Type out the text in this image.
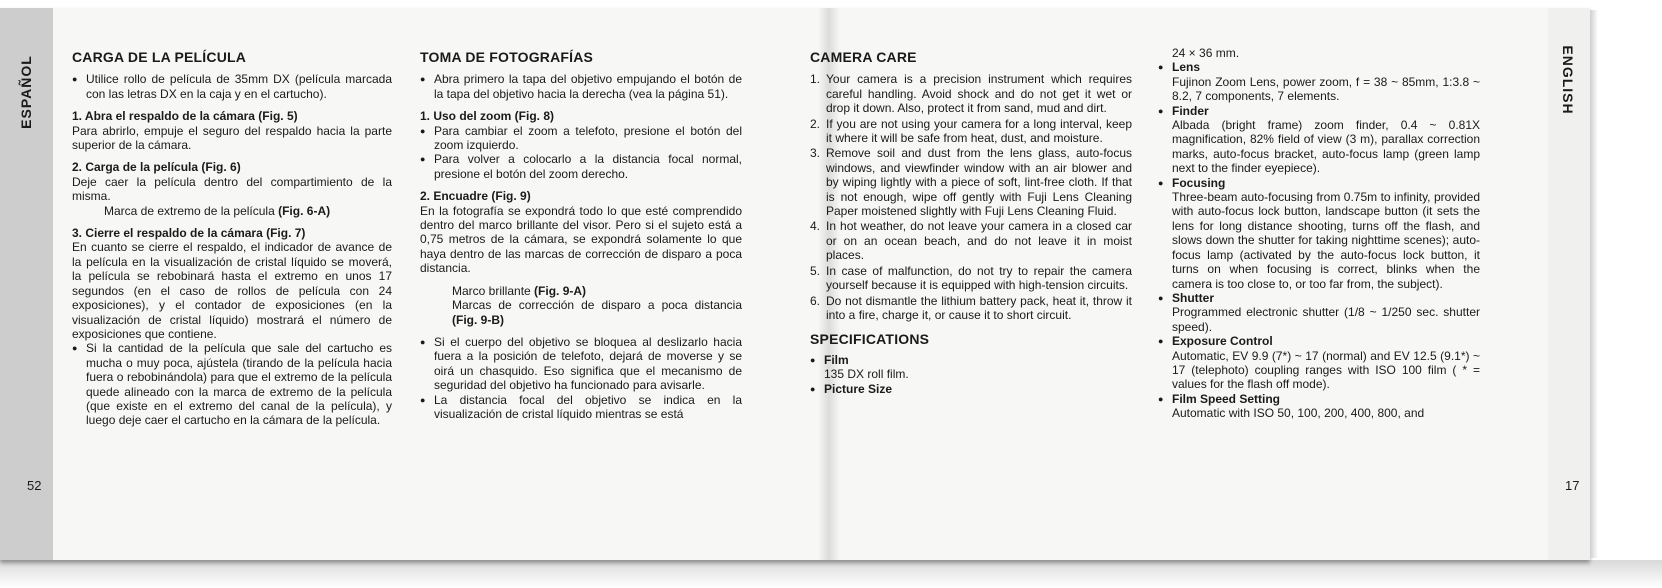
ESPAÑOL	ENGLISH
52	17
CARGA DE LA PELÍCULA
● Utilice rollo de película de 35mm DX (película marcada con las letras DX en la caja y en el cartucho).

1. Abra el respaldo de la cámara (Fig. 5)

Para abrirlo, empuje el seguro del respaldo hacia la parte superior de la cámara.

2. Carga de la película (Fig. 6)

Deje caer la película dentro del compartimiento de la misma.

Marca de extremo de la película (Fig. 6-A)

3. Cierre el respaldo de la cámara (Fig. 7)

En cuanto se cierre el respaldo, el indicador de avance de la película en la visualización de cristal líquido se moverá, la película se rebobinará hasta el extremo en unos 17 segundos (en el caso de rollos de película con 24 exposiciones), y el contador de exposiciones (en la visualización de cristal líquido) mostrará el número de exposiciones que contiene.

● Si la cantidad de la película que sale del cartucho es mucha o muy poca, ajústela (tirando de la película hacia fuera o rebobinándola) para que el extremo de la película quede alineado con la marca de extremo de la película (que existe en el extremo del canal de la película), y luego deje caer el cartucho en la cámara de la película.
TOMA DE FOTOGRAFÍAS
● Abra primero la tapa del objetivo empujando el botón de la tapa del objetivo hacia la derecha (vea la página 51).

1. Uso del zoom (Fig. 8)

● Para cambiar el zoom a telefoto, presione el botón del zoom izquierdo.
● Para volver a colocarlo a la distancia focal normal, presione el botón del zoom derecho.

2. Encuadre (Fig. 9)

En la fotografía se expondrá todo lo que esté comprendido dentro del marco brillante del visor. Pero si el sujeto está a 0,75 metros de la cámara, se expondrá solamente lo que haya dentro de las marcas de corrección de disparo a poca distancia.

Marco brillante (Fig. 9-A)

Marcas de corrección de disparo a poca distancia (Fig. 9-B)

● Si el cuerpo del objetivo se bloquea al deslizarlo hacia fuera a la posición de telefoto, dejará de moverse y se oirá un chasquido. Eso significa que el mecanismo de seguridad del objetivo ha funcionado para avisarle.
● La distancia focal del objetivo se indica en la visualización de cristal líquido mientras se está
CAMERA CARE
1. Your camera is a precision instrument which requires careful handling. Avoid shock and do not get it wet or drop it down. Also, protect it from sand, mud and dirt.
2. If you are not using your camera for a long interval, keep it where it will be safe from heat, dust, and moisture.
3. Remove soil and dust from the lens glass, auto-focus windows, and viewfinder window with an air blower and by wiping lightly with a piece of soft, lint-free cloth. If that is not enough, wipe off gently with Fuji Lens Cleaning Paper moistened slightly with Fuji Lens Cleaning Fluid.
4. In hot weather, do not leave your camera in a closed car or on an ocean beach, and do not leave it in moist places.
5. In case of malfunction, do not try to repair the camera yourself because it is equipped with high-tension circuits.
6. Do not dismantle the lithium battery pack, heat it, throw it into a fire, charge it, or cause it to short circuit.
SPECIFICATIONS
● Film
135 DX roll film.
● Picture Size

24 × 36 mm.

● Lens
Fujinon Zoom Lens, power zoom, f = 38 ~ 85mm, 1:3.8 ~ 8.2, 7 components, 7 elements.
● Finder
Albada (bright frame) zoom finder, 0.4 ~ 0.81X magnification, 82% field of view (3 m), parallax correction marks, auto-focus bracket, auto-focus lamp (green lamp next to the finder eyepiece).
● Focusing
Three-beam auto-focusing from 0.75m to infinity, provided with auto-focus lock button, landscape button (it sets the lens for long distance shooting, turns off the flash, and slows down the shutter for taking nighttime scenes); auto-focus lamp (activated by the auto-focus lock button, it turns on when focusing is correct, blinks when the camera is too close to, or too far from, the subject).
● Shutter
Programmed electronic shutter (1/8 ~ 1/250 sec. shutter speed).
● Exposure Control
Automatic, EV 9.9 (7*) ~ 17 (normal) and EV 12.5 (9.1*) ~ 17 (telephoto) coupling ranges with ISO 100 film ( * = values for the flash off mode).
● Film Speed Setting
Automatic with ISO 50, 100, 200, 400, 800, and
